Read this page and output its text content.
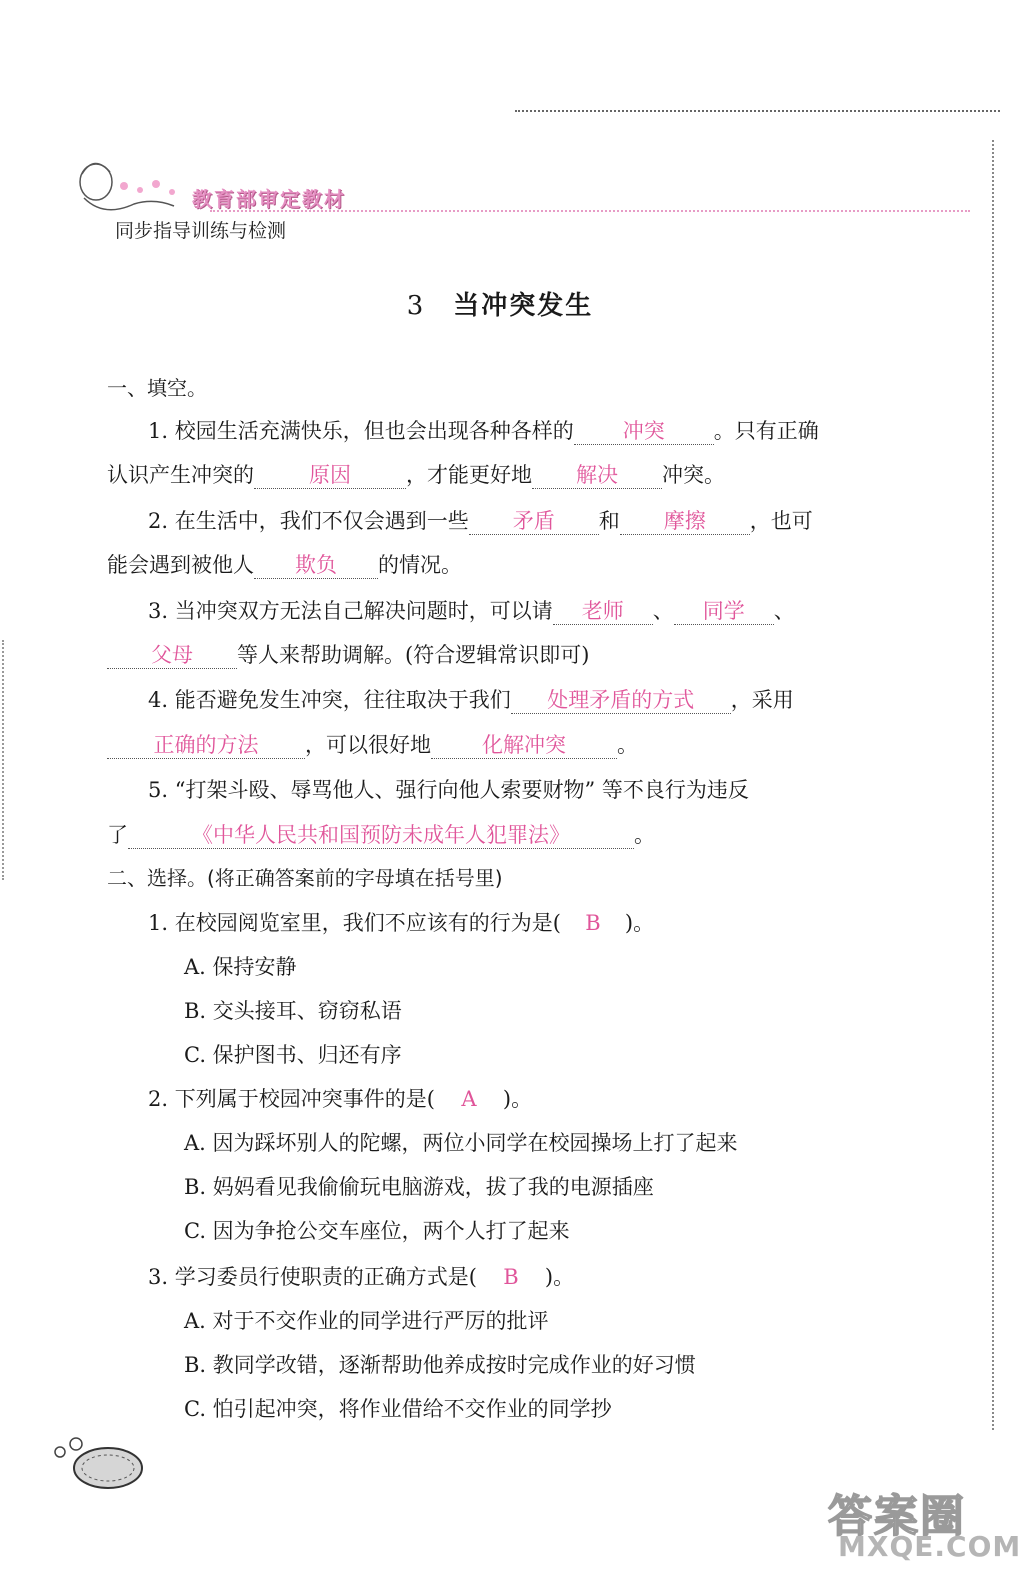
教育部审定教材
同步指导训练与检测
3 当冲突发生
一、填空。
1. 校园生活充满快乐，但也会出现各种各样的 冲突 。只有正确
认识产生冲突的	原因	，才能更好地 解决 冲突。
2. 在生活中，我们不仅会遇到一些 矛盾 和 摩擦 ，也可
能会遇到被他人 欺负 的情况。
3. 当冲突双方无法自己解决问题时，可以请 老师 、 同学 、
父母 等人来帮助调解。(符合逻辑常识即可)
4. 能否避免发生冲突，往往取决于我们 处理矛盾的方式 ，采用
正确的方法 ，可以很好地 化解冲突 。
5. “打架斗殴、辱骂他人、强行向他人索要财物” 等不良行为违反
了	《中华人民共和国预防未成年人犯罪法》	。
二、选择。(将正确答案前的字母填在括号里)
1. 在校园阅览室里，我们不应该有的行为是( B )。
A. 保持安静
B. 交头接耳、窃窃私语
C. 保护图书、归还有序
2. 下列属于校园冲突事件的是( A )。
A. 因为踩坏别人的陀螺，两位小同学在校园操场上打了起来
B. 妈妈看见我偷偷玩电脑游戏，拔了我的电源插座
C. 因为争抢公交车座位，两个人打了起来
3. 学习委员行使职责的正确方式是( B )。
A. 对于不交作业的同学进行严厉的批评
B. 教同学改错，逐渐帮助他养成按时完成作业的好习惯
C. 怕引起冲突，将作业借给不交作业的同学抄
答案圈
MXQE.COM
